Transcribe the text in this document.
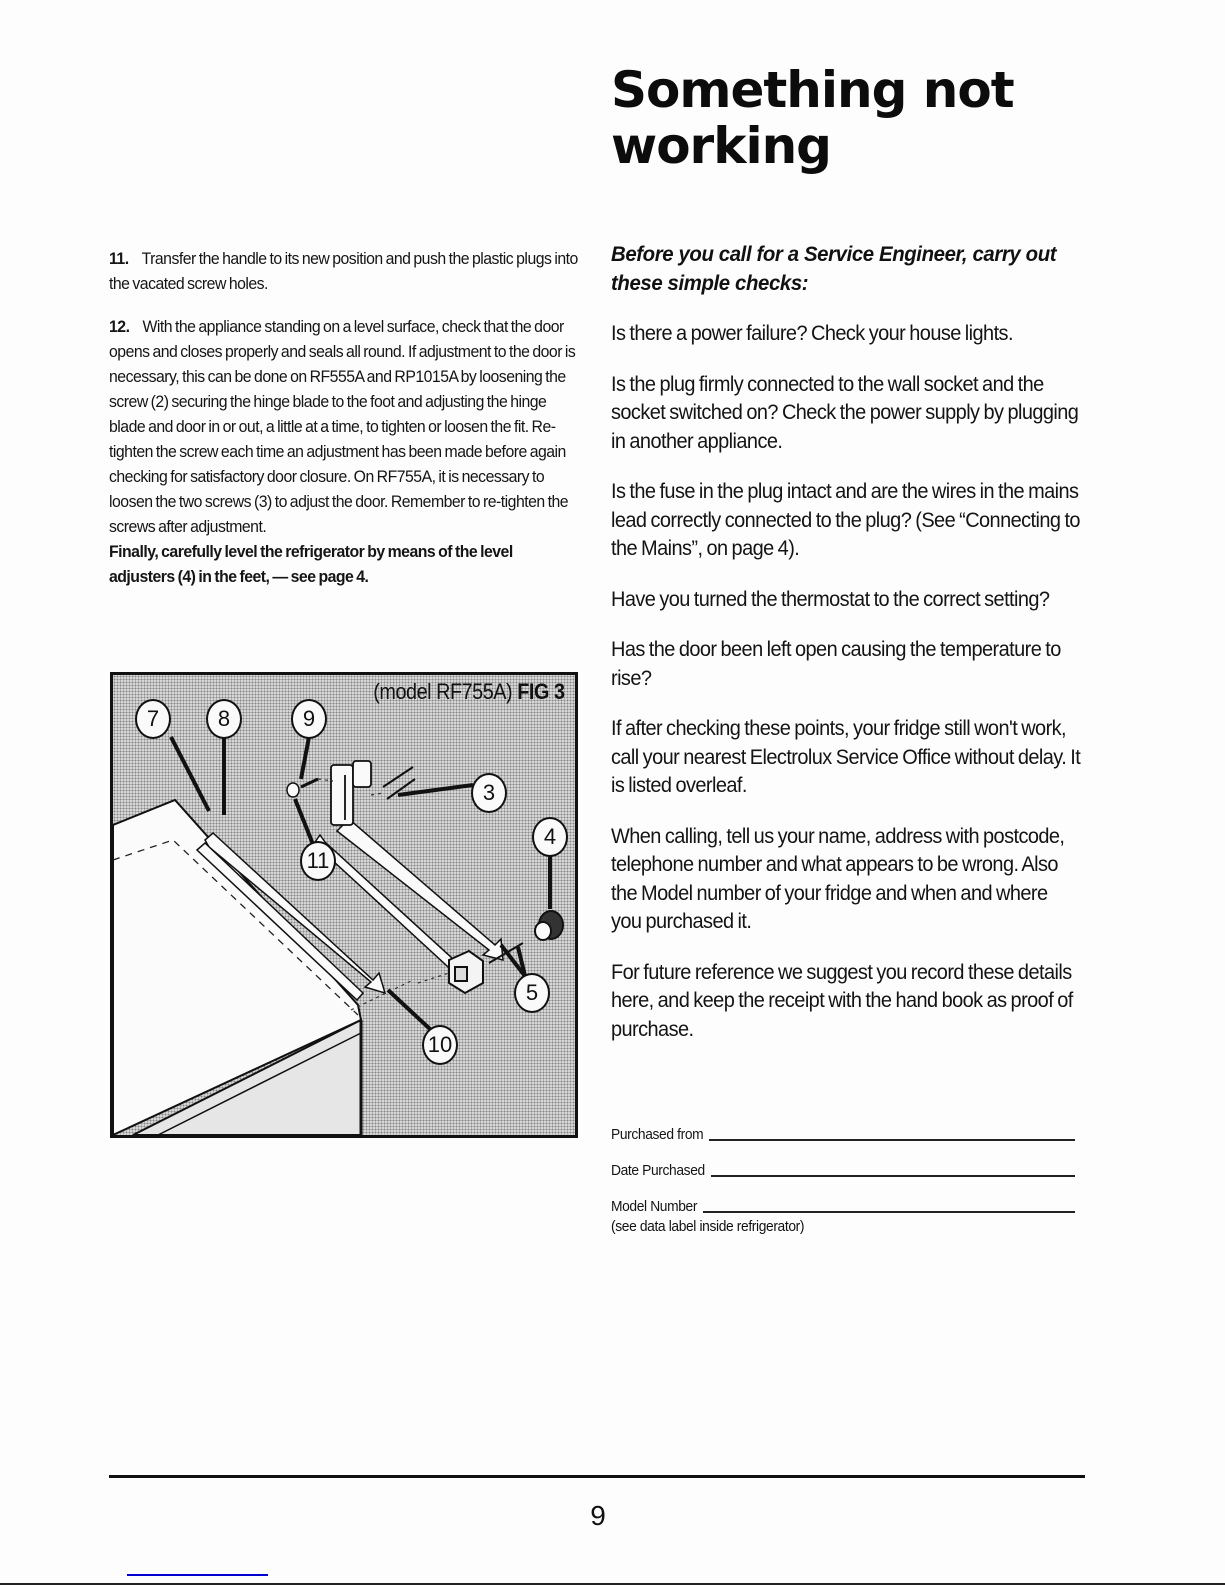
Something not working

11. Transfer the handle to its new position and push the plastic plugs into the vacated screw holes.

12. With the appliance standing on a level surface, check that the door opens and closes properly and seals all round. If adjustment to the door is necessary, this can be done on RF555A and RP1015A by loosening the screw (2) securing the hinge blade to the foot and adjusting the hinge blade and door in or out, a little at a time, to tighten or loosen the fit. Re-tighten the screw each time an adjustment has been made before again checking for satisfactory door closure. On RF755A, it is necessary to loosen the two screws (3) to adjust the door. Remember to re-tighten the screws after adjustment.

Finally, carefully level the refrigerator by means of the level adjusters (4) in the feet, — see page 4.

(model RF755A) FIG 3
7	8	9
3
4
11
5
10

Before you call for a Service Engineer, carry out these simple checks:

Is there a power failure? Check your house lights.

Is the plug firmly connected to the wall socket and the socket switched on? Check the power supply by plugging in another appliance.

Is the fuse in the plug intact and are the wires in the mains lead correctly connected to the plug? (See “Connecting to the Mains”, on page 4).

Have you turned the thermostat to the correct setting?

Has the door been left open causing the temperature to rise?

If after checking these points, your fridge still won't work, call your nearest Electrolux Service Office without delay. It is listed overleaf.

When calling, tell us your name, address with postcode, telephone number and what appears to be wrong. Also the Model number of your fridge and when and where you purchased it.

For future reference we suggest you record these details here, and keep the receipt with the hand book as proof of purchase.

Purchased from
Date Purchased
Model Number
(see data label inside refrigerator)
9
